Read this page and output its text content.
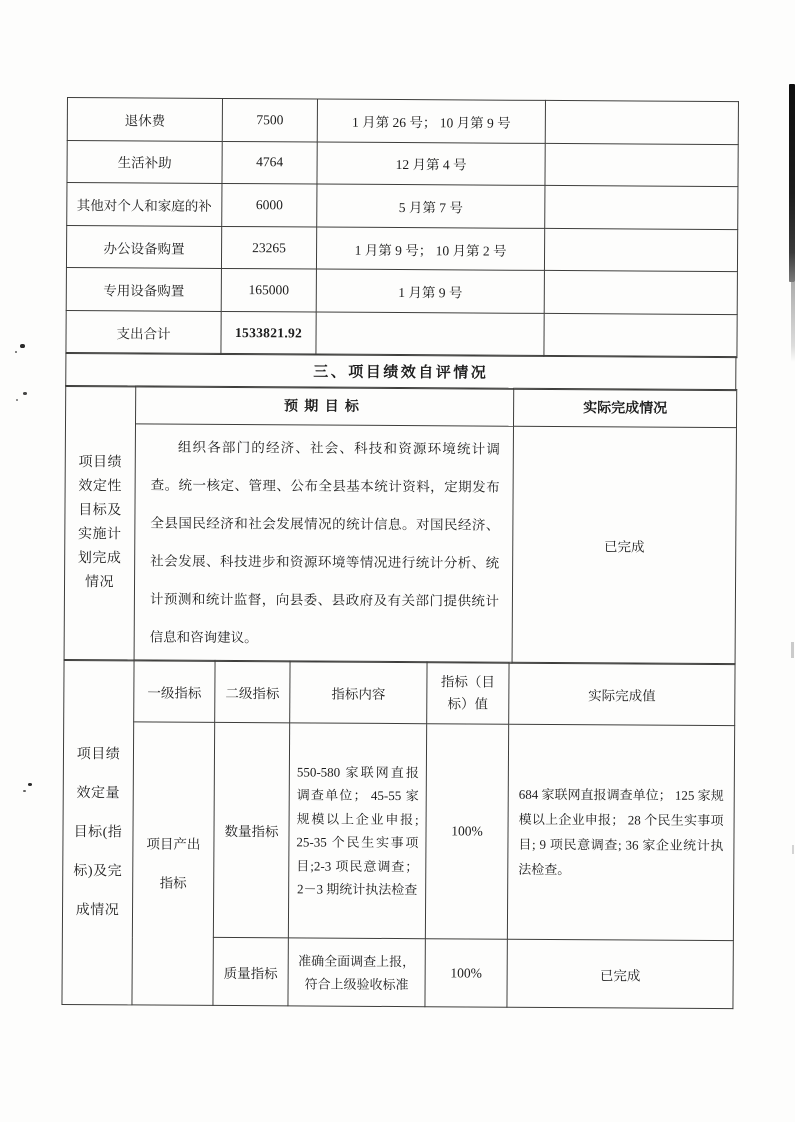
退休费	7500	1 月第 26 号； 10 月第 9 号	
生活补助	4764	12 月第 4 号	
其他对个人和家庭的补	6000	5 月第 7 号	
办公设备购置	23265	1 月第 9 号； 10 月第 2 号	
专用设备购置	165000	1 月第 9 号	
支出合计	1533821.92		
三、项目绩效自评情况
项目绩
效定性
目标及
实施计
划完成
情况	预期目标	实际完成情况
	组织各部门的经济、社会、科技和资源环境统计调查。统一核定、管理、公布全县基本统计资料，定期发布全县国民经济和社会发展情况的统计信息。对国民经济、社会发展、科技进步和资源环境等情况进行统计分析、统计预测和统计监督，向县委、县政府及有关部门提供统计信息和咨询建议。	已完成
项目绩
效定量
目标(指
标)及完
成情况	一级指标	二级指标	指标内容	指标（目
标）值	实际完成值
	项目产出
指标	数量指标	550-580 家联网直报调查单位； 45-55 家规模以上企业申报; 25-35 个民生实事项目;2-3 项民意调查； 2－3 期统计执法检查	100%	684 家联网直报调查单位； 125 家规模以上企业申报； 28 个民生实事项目; 9 项民意调查; 36 家企业统计执法检查。
		质量指标	准确全面调查上报，符合上级验收标准	100%	已完成
